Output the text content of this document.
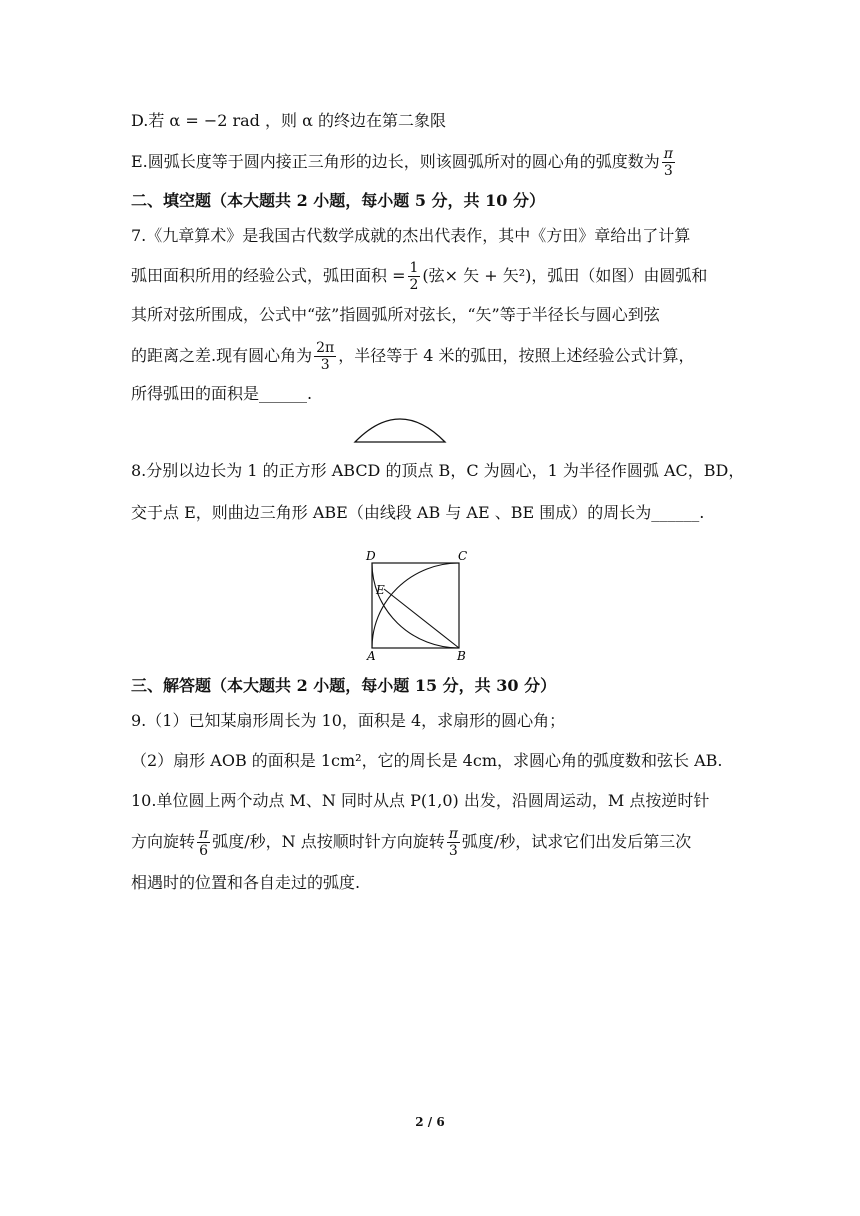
D.若 α = −2 rad ，则 α 的终边在第二象限
E.圆弧长度等于圆内接正三角形的边长，则该圆弧所对的圆心角的弧度数为 $\frac{\pi}{3}$
二、填空题（本大题共 2 小题，每小题 5 分，共 10 分）
7.《九章算术》是我国古代数学成就的杰出代表作，其中《方田》章给出了计算
弧田面积所用的经验公式，弧田面积 = $\frac{1}{2}$ (弦× 矢 + 矢²)，弧田（如图）由圆弧和
其所对弦所围成，公式中“弦”指圆弧所对弦长，“矢”等于半径长与圆心到弦
的距离之差.现有圆心角为 $\frac{2\pi}{3}$ ，半径等于 4 米的弧田，按照上述经验公式计算，
所得弧田的面积是______.
8.分别以边长为 1 的正方形 ABCD 的顶点 B，C 为圆心，1 为半径作圆弧 AC，BD，
交于点 E，则曲边三角形 ABE（由线段 AB 与 AE 、BE 围成）的周长为______.
D	C
E
A	B
三、解答题（本大题共 2 小题，每小题 15 分，共 30 分）
9.（1）已知某扇形周长为 10，面积是 4，求扇形的圆心角；
（2）扇形 AOB 的面积是 1cm²，它的周长是 4cm，求圆心角的弧度数和弦长 AB.
10.单位圆上两个动点 M、N 同时从点 P(1,0) 出发，沿圆周运动，M 点按逆时针
方向旋转 $\frac{\pi}{6}$ 弧度/秒，N 点按顺时针方向旋转 $\frac{\pi}{3}$ 弧度/秒，试求它们出发后第三次
相遇时的位置和各自走过的弧度.
2 / 6
